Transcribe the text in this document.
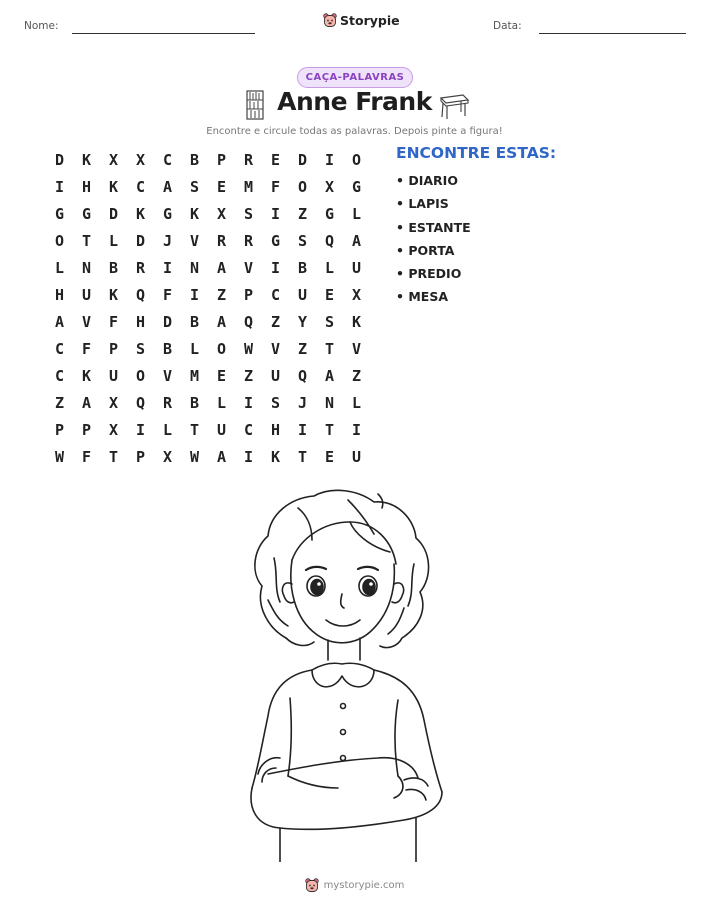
Nome:	Storypie	Data:
CAÇA-PALAVRAS
Anne Frank
Encontre e circule todas as palavras. Depois pinte a figura!
D	K	X	X	C	B	P	R	E	D	I	O
I	H	K	C	A	S	E	M	F	O	X	G
G	G	D	K	G	K	X	S	I	Z	G	L
O	T	L	D	J	V	R	R	G	S	Q	A
L	N	B	R	I	N	A	V	I	B	L	U
H	U	K	Q	F	I	Z	P	C	U	E	X
A	V	F	H	D	B	A	Q	Z	Y	S	K
C	F	P	S	B	L	O	W	V	Z	T	V
C	K	U	O	V	M	E	Z	U	Q	A	Z
Z	A	X	Q	R	B	L	I	S	J	N	L
P	P	X	I	L	T	U	C	H	I	T	I
W	F	T	P	X	W	A	I	K	T	E	U
ENCONTRE ESTAS:
• DIARIO
• LAPIS
• ESTANTE
• PORTA
• PREDIO
• MESA
mystorypie.com
